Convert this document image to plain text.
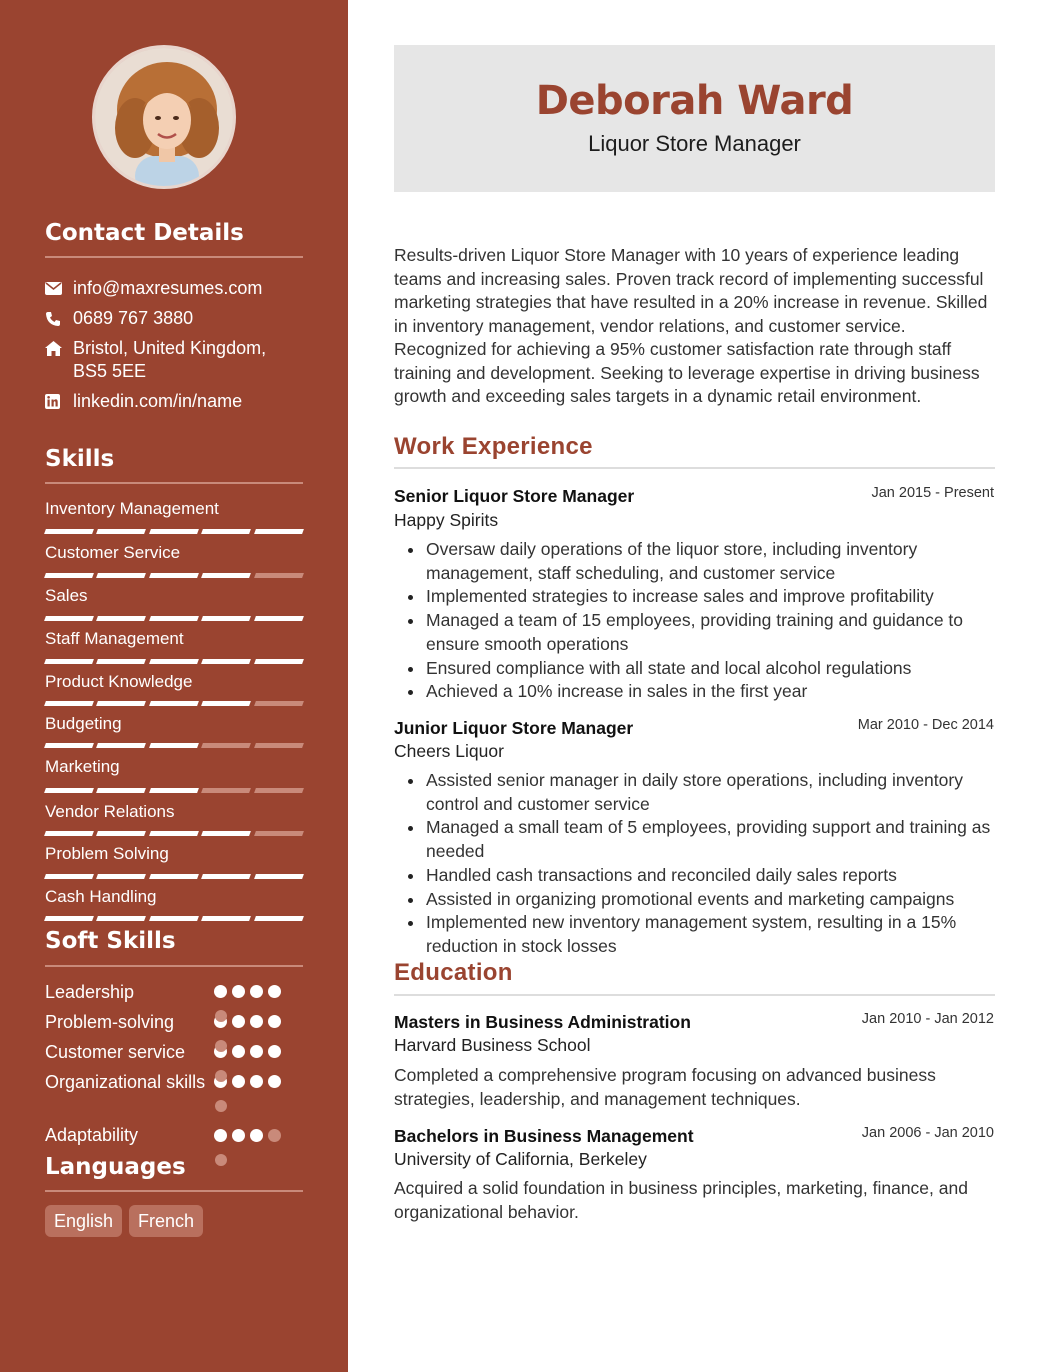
Contact Details
info@maxresumes.com
0689 767 3880
Bristol, United Kingdom, BS5 5EE
linkedin.com/in/name
Skills
Inventory Management
Customer Service
Sales
Staff Management
Product Knowledge
Budgeting
Marketing
Vendor Relations
Problem Solving
Cash Handling
Soft Skills
Leadership
Problem-solving
Customer service
Organizational skills
Adaptability
Languages
English	French
Deborah Ward
Liquor Store Manager
Results-driven Liquor Store Manager with 10 years of experience leading teams and increasing sales. Proven track record of implementing successful marketing strategies that have resulted in a 20% increase in revenue. Skilled in inventory management, vendor relations, and customer service. Recognized for achieving a 95% customer satisfaction rate through staff training and development. Seeking to leverage expertise in driving business growth and exceeding sales targets in a dynamic retail environment.
Work Experience
Senior Liquor Store Manager	Jan 2015 - Present
Happy Spirits
Oversaw daily operations of the liquor store, including inventory management, staff scheduling, and customer service
Implemented strategies to increase sales and improve profitability
Managed a team of 15 employees, providing training and guidance to ensure smooth operations
Ensured compliance with all state and local alcohol regulations
Achieved a 10% increase in sales in the first year
Junior Liquor Store Manager	Mar 2010 - Dec 2014
Cheers Liquor
Assisted senior manager in daily store operations, including inventory control and customer service
Managed a small team of 5 employees, providing support and training as needed
Handled cash transactions and reconciled daily sales reports
Assisted in organizing promotional events and marketing campaigns
Implemented new inventory management system, resulting in a 15% reduction in stock losses
Education
Masters in Business Administration	Jan 2010 - Jan 2012
Harvard Business School
Completed a comprehensive program focusing on advanced business strategies, leadership, and management techniques.
Bachelors in Business Management	Jan 2006 - Jan 2010
University of California, Berkeley
Acquired a solid foundation in business principles, marketing, finance, and organizational behavior.
